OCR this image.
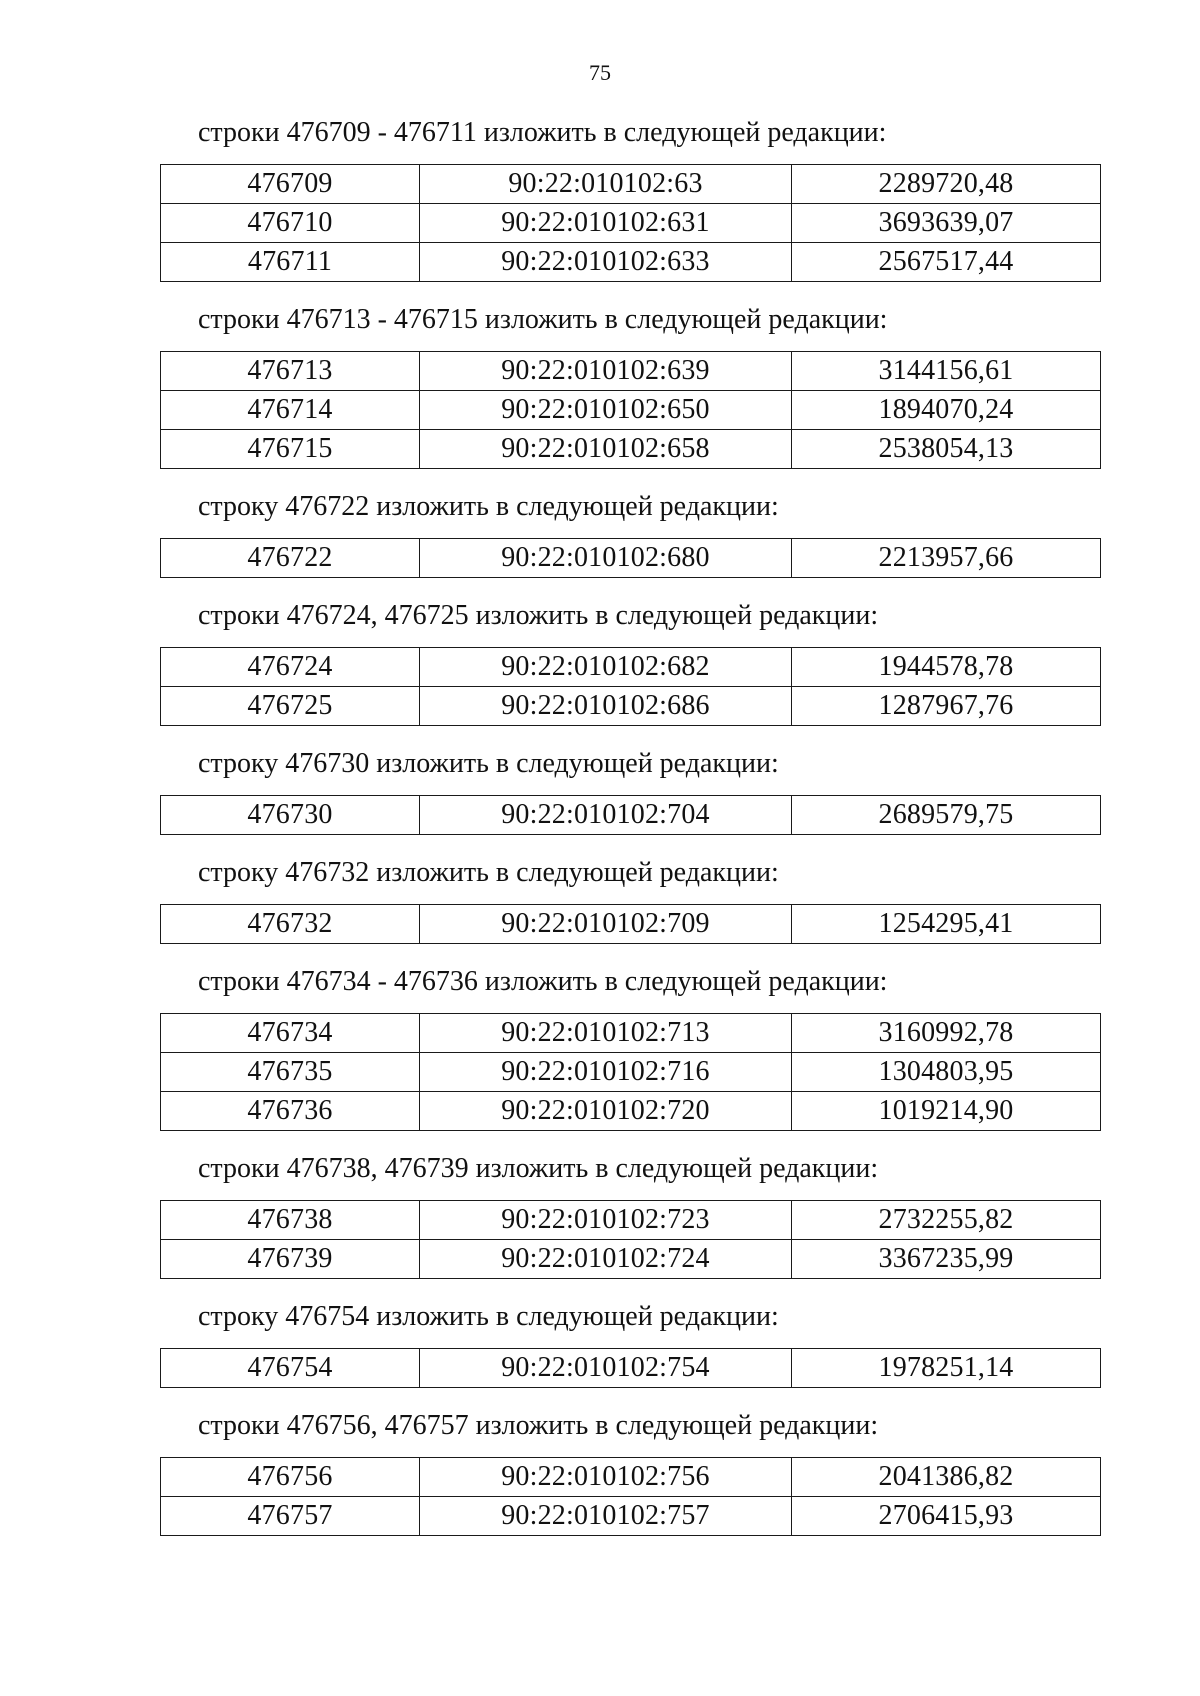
75

строки 476709 - 476711 изложить в следующей редакции:

476709	90:22:010102:63	2289720,48
476710	90:22:010102:631	3693639,07
476711	90:22:010102:633	2567517,44

строки 476713 - 476715 изложить в следующей редакции:

476713	90:22:010102:639	3144156,61
476714	90:22:010102:650	1894070,24
476715	90:22:010102:658	2538054,13

строку 476722 изложить в следующей редакции:

476722	90:22:010102:680	2213957,66

строки 476724, 476725 изложить в следующей редакции:

476724	90:22:010102:682	1944578,78
476725	90:22:010102:686	1287967,76

строку 476730 изложить в следующей редакции:

476730	90:22:010102:704	2689579,75

строку 476732 изложить в следующей редакции:

476732	90:22:010102:709	1254295,41

строки 476734 - 476736 изложить в следующей редакции:

476734	90:22:010102:713	3160992,78
476735	90:22:010102:716	1304803,95
476736	90:22:010102:720	1019214,90

строки 476738, 476739 изложить в следующей редакции:

476738	90:22:010102:723	2732255,82
476739	90:22:010102:724	3367235,99

строку 476754 изложить в следующей редакции:

476754	90:22:010102:754	1978251,14

строки 476756, 476757 изложить в следующей редакции:

476756	90:22:010102:756	2041386,82
476757	90:22:010102:757	2706415,93
